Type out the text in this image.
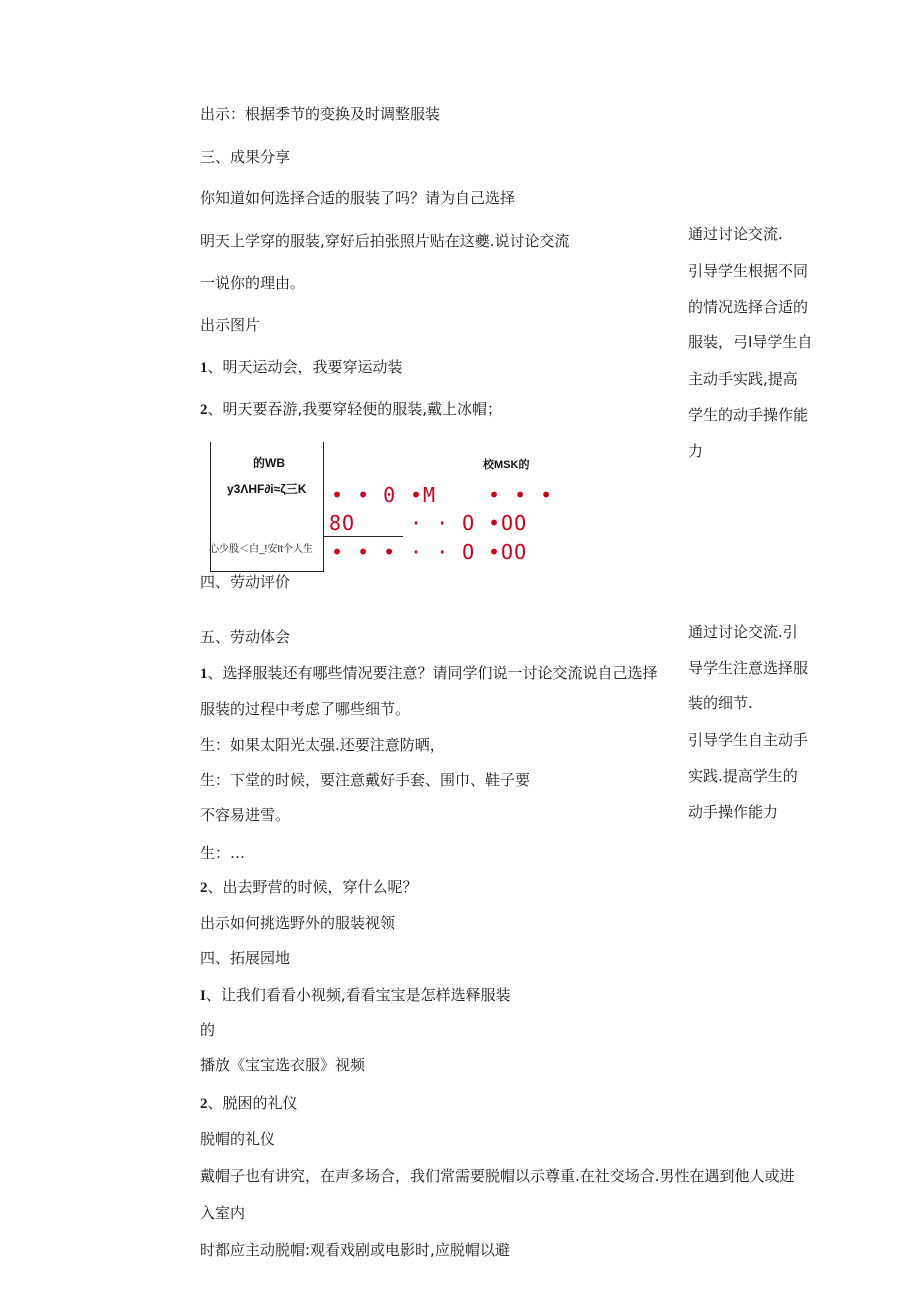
出示：根据季节的变换及时调整服装
三、成果分享
你知道如何选择合适的服装了吗？请为自己选择
明天上学穿的服装,穿好后拍张照片贴在这夔.说讨论交流
一说你的理由。
出示图片
1、明天运动会，我要穿运动装
2、明天要吞游,我要穿轻便的服装,戴上冰帽；
四、劳动评价
五、劳动体会
1、选择服装还有哪些情况要注意？请同学们说一讨论交流说自己选择
服装的过程中考虑了哪些细节。
生：如果太阳光太强.还要注意防晒，
生：下堂的时候，要注意戴好手套、围巾、鞋子要
不容易进雪。
生：…
2、出去野营的时候，穿什么呢？
出示如何挑选野外的服装视领
四、拓展园地
I、让我们看看小视频,看看宝宝是怎样选释服装
的
播放《宝宝选衣服》视频
2、脱困的礼仪
脱帽的礼仪
戴帽子也有讲究，在声多场合，我们常需要脱帽以示尊重.在社交场合.男性在遇到他人或进
入室内
时都应主动脱帽:观看戏剧或电影时,应脱帽以避
通过讨论交流.
引导学生根据不同
的情况选择合适的
服装，弓I导学生自
主动手实践,提高
学生的动手操作能
力
通过讨论交流.引
导学生注意选择服
装的细节.
引导学生自主动手
实践.提高学生的
动手操作能力
的WB
y3ΛHF∂i≈ζ三K
心少股＜白_!安It个人生
校MSK的
• • 0 •M	• • •
8O	· · O •OO
• • • · · O •OO
